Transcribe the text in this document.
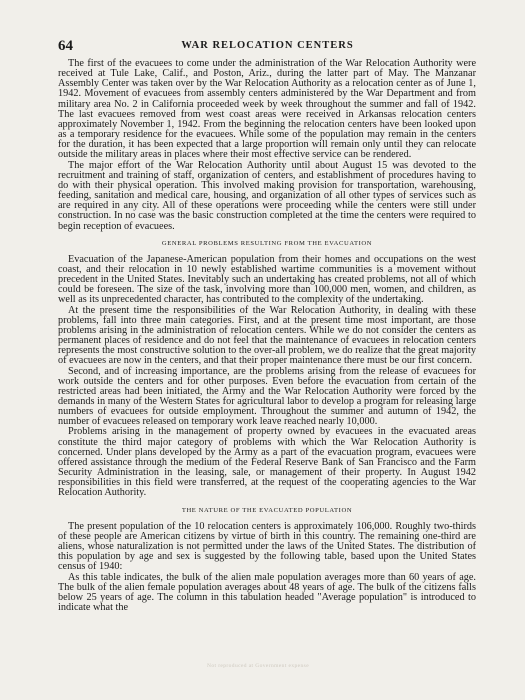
64	WAR RELOCATION CENTERS

The first of the evacuees to come under the administration of the War Relocation Authority were received at Tule Lake, Calif., and Poston, Ariz., during the latter part of May. The Manzanar Assembly Center was taken over by the War Relocation Authority as a relocation center as of June 1, 1942. Movement of evacuees from assembly centers administered by the War Department and from military area No. 2 in California proceeded week by week throughout the summer and fall of 1942. The last evacuees removed from west coast areas were received in Arkansas relocation centers approximately November 1, 1942. From the beginning the relocation centers have been looked upon as a temporary residence for the evacuees. While some of the population may remain in the centers for the duration, it has been expected that a large proportion will remain only until they can relocate outside the military areas in places where their most effective service can be rendered.

The major effort of the War Relocation Authority until about August 15 was devoted to the recruitment and training of staff, organization of centers, and establishment of procedures having to do with their physical operation. This involved making provision for transportation, warehousing, feeding, sanitation and medical care, housing, and organization of all other types of services such as are required in any city. All of these operations were proceeding while the centers were still under construction. In no case was the basic construction completed at the time the centers were required to begin reception of evacuees.

GENERAL PROBLEMS RESULTING FROM THE EVACUATION

Evacuation of the Japanese-American population from their homes and occupations on the west coast, and their relocation in 10 newly established wartime communities is a movement without precedent in the United States. Inevitably such an undertaking has created problems, not all of which could be foreseen. The size of the task, involving more than 100,000 men, women, and children, as well as its unprecedented character, has contributed to the complexity of the undertaking.

At the present time the responsibilities of the War Relocation Authority, in dealing with these problems, fall into three main categories. First, and at the present time most important, are those problems arising in the administration of relocation centers. While we do not consider the centers as permanent places of residence and do not feel that the maintenance of evacuees in relocation centers represents the most constructive solution to the over-all problem, we do realize that the great majority of evacuees are now in the centers, and that their proper maintenance there must be our first concern.

Second, and of increasing importance, are the problems arising from the release of evacuees for work outside the centers and for other purposes. Even before the evacuation from certain of the restricted areas had been initiated, the Army and the War Relocation Authority were forced by the demands in many of the Western States for agricultural labor to develop a program for releasing large numbers of evacuees for outside employment. Throughout the summer and autumn of 1942, the number of evacuees released on temporary work leave reached nearly 10,000.

Problems arising in the management of property owned by evacuees in the evacuated areas constitute the third major category of problems with which the War Relocation Authority is concerned. Under plans developed by the Army as a part of the evacuation program, evacuees were offered assistance through the medium of the Federal Reserve Bank of San Francisco and the Farm Security Administration in the leasing, sale, or management of their property. In August 1942 responsibilities in this field were transferred, at the request of the cooperating agencies to the War Relocation Authority.

THE NATURE OF THE EVACUATED POPULATION

The present population of the 10 relocation centers is approximately 106,000. Roughly two-thirds of these people are American citizens by virtue of birth in this country. The remaining one-third are aliens, whose naturalization is not permitted under the laws of the United States. The distribution of this population by age and sex is suggested by the following table, based upon the United States census of 1940:

As this table indicates, the bulk of the alien male population averages more than 60 years of age. The bulk of the alien female population averages about 48 years of age. The bulk of the citizens falls below 25 years of age. The column in this tabulation headed "Average population" is introduced to indicate what the

Not reproduced at Government expense
